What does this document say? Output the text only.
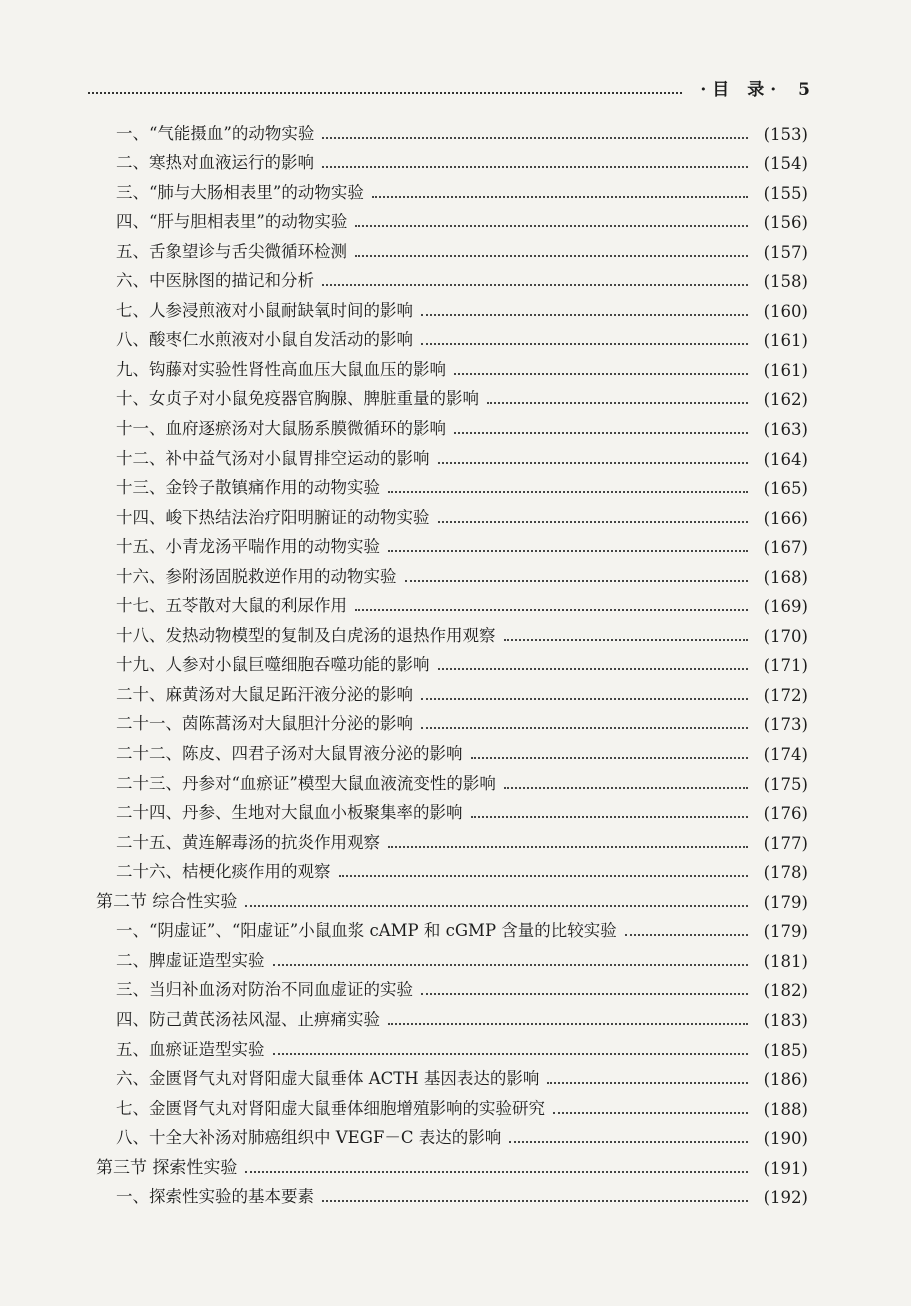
·目 录· 5
一、“气能摄血”的动物实验	(153)
二、寒热对血液运行的影响	(154)
三、“肺与大肠相表里”的动物实验	(155)
四、“肝与胆相表里”的动物实验	(156)
五、舌象望诊与舌尖微循环检测	(157)
六、中医脉图的描记和分析	(158)
七、人参浸煎液对小鼠耐缺氧时间的影响	(160)
八、酸枣仁水煎液对小鼠自发活动的影响	(161)
九、钩藤对实验性肾性高血压大鼠血压的影响	(161)
十、女贞子对小鼠免疫器官胸腺、脾脏重量的影响	(162)
十一、血府逐瘀汤对大鼠肠系膜微循环的影响	(163)
十二、补中益气汤对小鼠胃排空运动的影响	(164)
十三、金铃子散镇痛作用的动物实验	(165)
十四、峻下热结法治疗阳明腑证的动物实验	(166)
十五、小青龙汤平喘作用的动物实验	(167)
十六、参附汤固脱救逆作用的动物实验	(168)
十七、五苓散对大鼠的利尿作用	(169)
十八、发热动物模型的复制及白虎汤的退热作用观察	(170)
十九、人参对小鼠巨噬细胞吞噬功能的影响	(171)
二十、麻黄汤对大鼠足跖汗液分泌的影响	(172)
二十一、茵陈蒿汤对大鼠胆汁分泌的影响	(173)
二十二、陈皮、四君子汤对大鼠胃液分泌的影响	(174)
二十三、丹参对“血瘀证”模型大鼠血液流变性的影响	(175)
二十四、丹参、生地对大鼠血小板聚集率的影响	(176)
二十五、黄连解毒汤的抗炎作用观察	(177)
二十六、桔梗化痰作用的观察	(178)
第二节 综合性实验	(179)
一、“阴虚证”、“阳虚证”小鼠血浆 cAMP 和 cGMP 含量的比较实验	(179)
二、脾虚证造型实验	(181)
三、当归补血汤对防治不同血虚证的实验	(182)
四、防己黄芪汤祛风湿、止痹痛实验	(183)
五、血瘀证造型实验	(185)
六、金匮肾气丸对肾阳虚大鼠垂体 ACTH 基因表达的影响	(186)
七、金匮肾气丸对肾阳虚大鼠垂体细胞增殖影响的实验研究	(188)
八、十全大补汤对肺癌组织中 VEGF－C 表达的影响	(190)
第三节 探索性实验	(191)
一、探索性实验的基本要素	(192)
